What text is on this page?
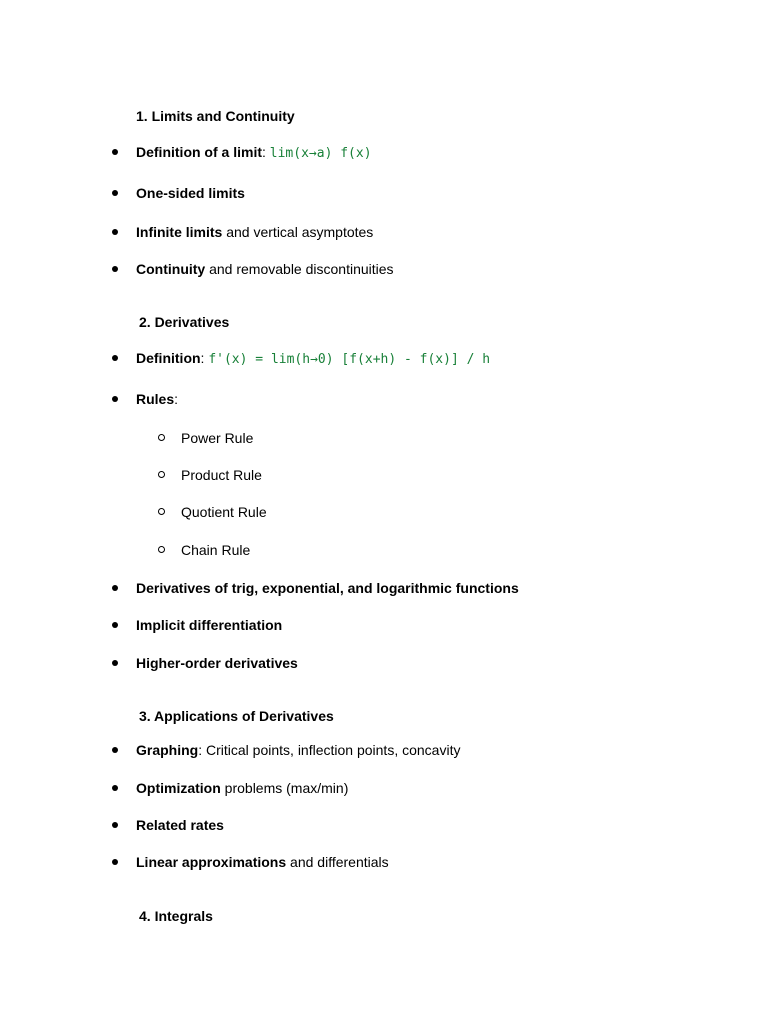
1. Limits and Continuity
Definition of a limit: lim(x→a) f(x)
One-sided limits
Infinite limits and vertical asymptotes
Continuity and removable discontinuities
2. Derivatives
Definition: f'(x) = lim(h→0) [f(x+h) - f(x)] / h
Rules:
Power Rule
Product Rule
Quotient Rule
Chain Rule
Derivatives of trig, exponential, and logarithmic functions
Implicit differentiation
Higher-order derivatives
3. Applications of Derivatives
Graphing: Critical points, inflection points, concavity
Optimization problems (max/min)
Related rates
Linear approximations and differentials
4. Integrals
